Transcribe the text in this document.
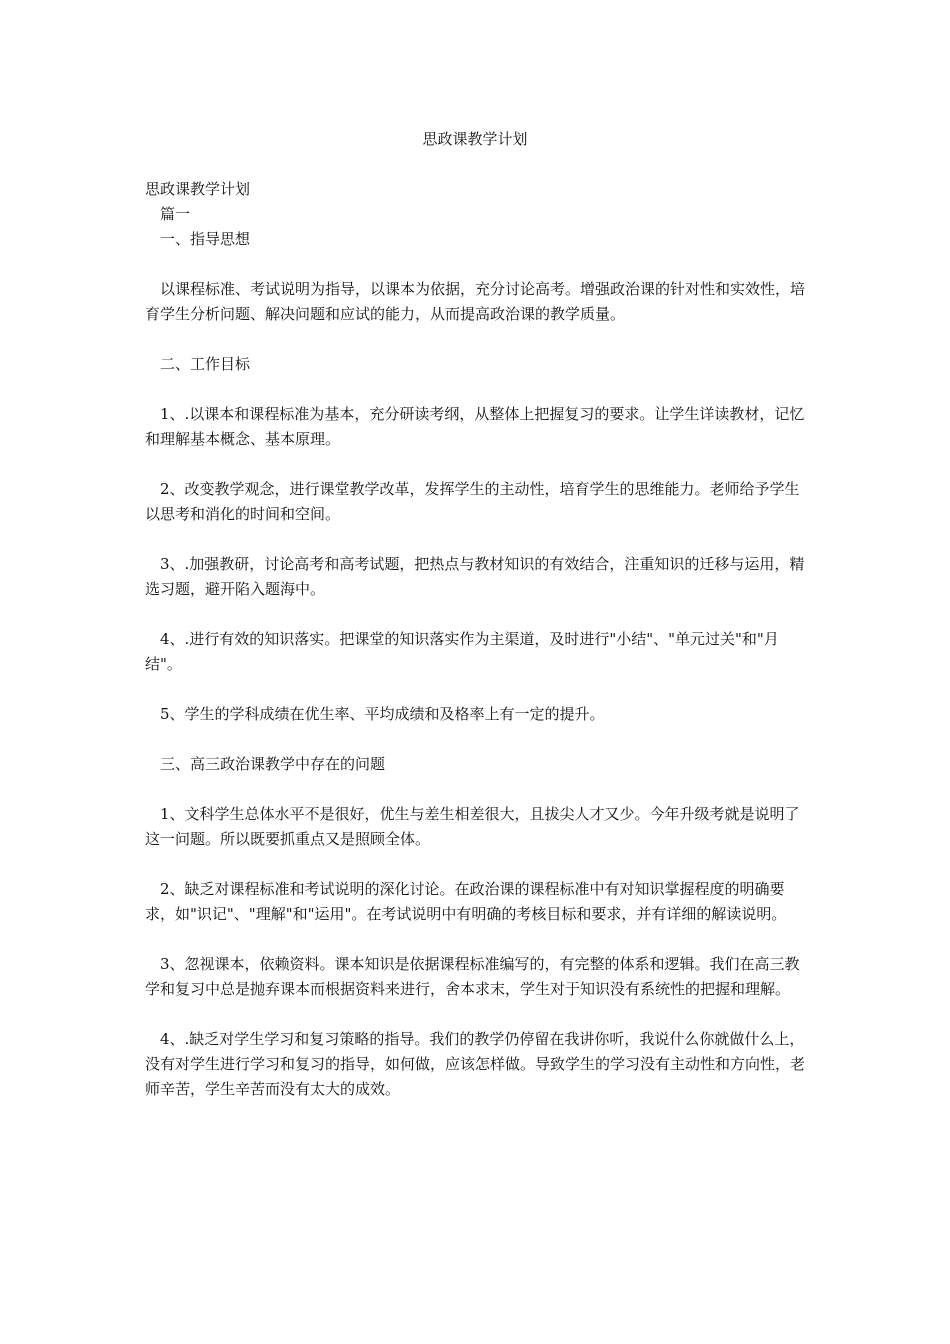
思政课教学计划

思政课教学计划

篇一

一、指导思想

以课程标准、考试说明为指导，以课本为依据，充分讨论高考。增强政治课的针对性和实效性，培育学生分析问题、解决问题和应试的能力，从而提高政治课的教学质量。

二、工作目标

1、.以课本和课程标准为基本，充分研读考纲，从整体上把握复习的要求。让学生详读教材，记忆和理解基本概念、基本原理。

2、改变教学观念，进行课堂教学改革，发挥学生的主动性，培育学生的思维能力。老师给予学生以思考和消化的时间和空间。

3、.加强教研，讨论高考和高考试题，把热点与教材知识的有效结合，注重知识的迁移与运用，精选习题，避开陷入题海中。

4、.进行有效的知识落实。把课堂的知识落实作为主渠道，及时进行"小结"、"单元过关"和"月结"。

5、学生的学科成绩在优生率、平均成绩和及格率上有一定的提升。

三、高三政治课教学中存在的问题

1、文科学生总体水平不是很好，优生与差生相差很大，且拔尖人才又少。今年升级考就是说明了这一问题。所以既要抓重点又是照顾全体。

2、缺乏对课程标准和考试说明的深化讨论。在政治课的课程标准中有对知识掌握程度的明确要求，如"识记"、"理解"和"运用"。在考试说明中有明确的考核目标和要求，并有详细的解读说明。

3、忽视课本，依赖资料。课本知识是依据课程标准编写的，有完整的体系和逻辑。我们在高三教学和复习中总是抛弃课本而根据资料来进行，舍本求末，学生对于知识没有系统性的把握和理解。

4、.缺乏对学生学习和复习策略的指导。我们的教学仍停留在我讲你听，我说什么你就做什么上，没有对学生进行学习和复习的指导，如何做，应该怎样做。导致学生的学习没有主动性和方向性，老师辛苦，学生辛苦而没有太大的成效。
